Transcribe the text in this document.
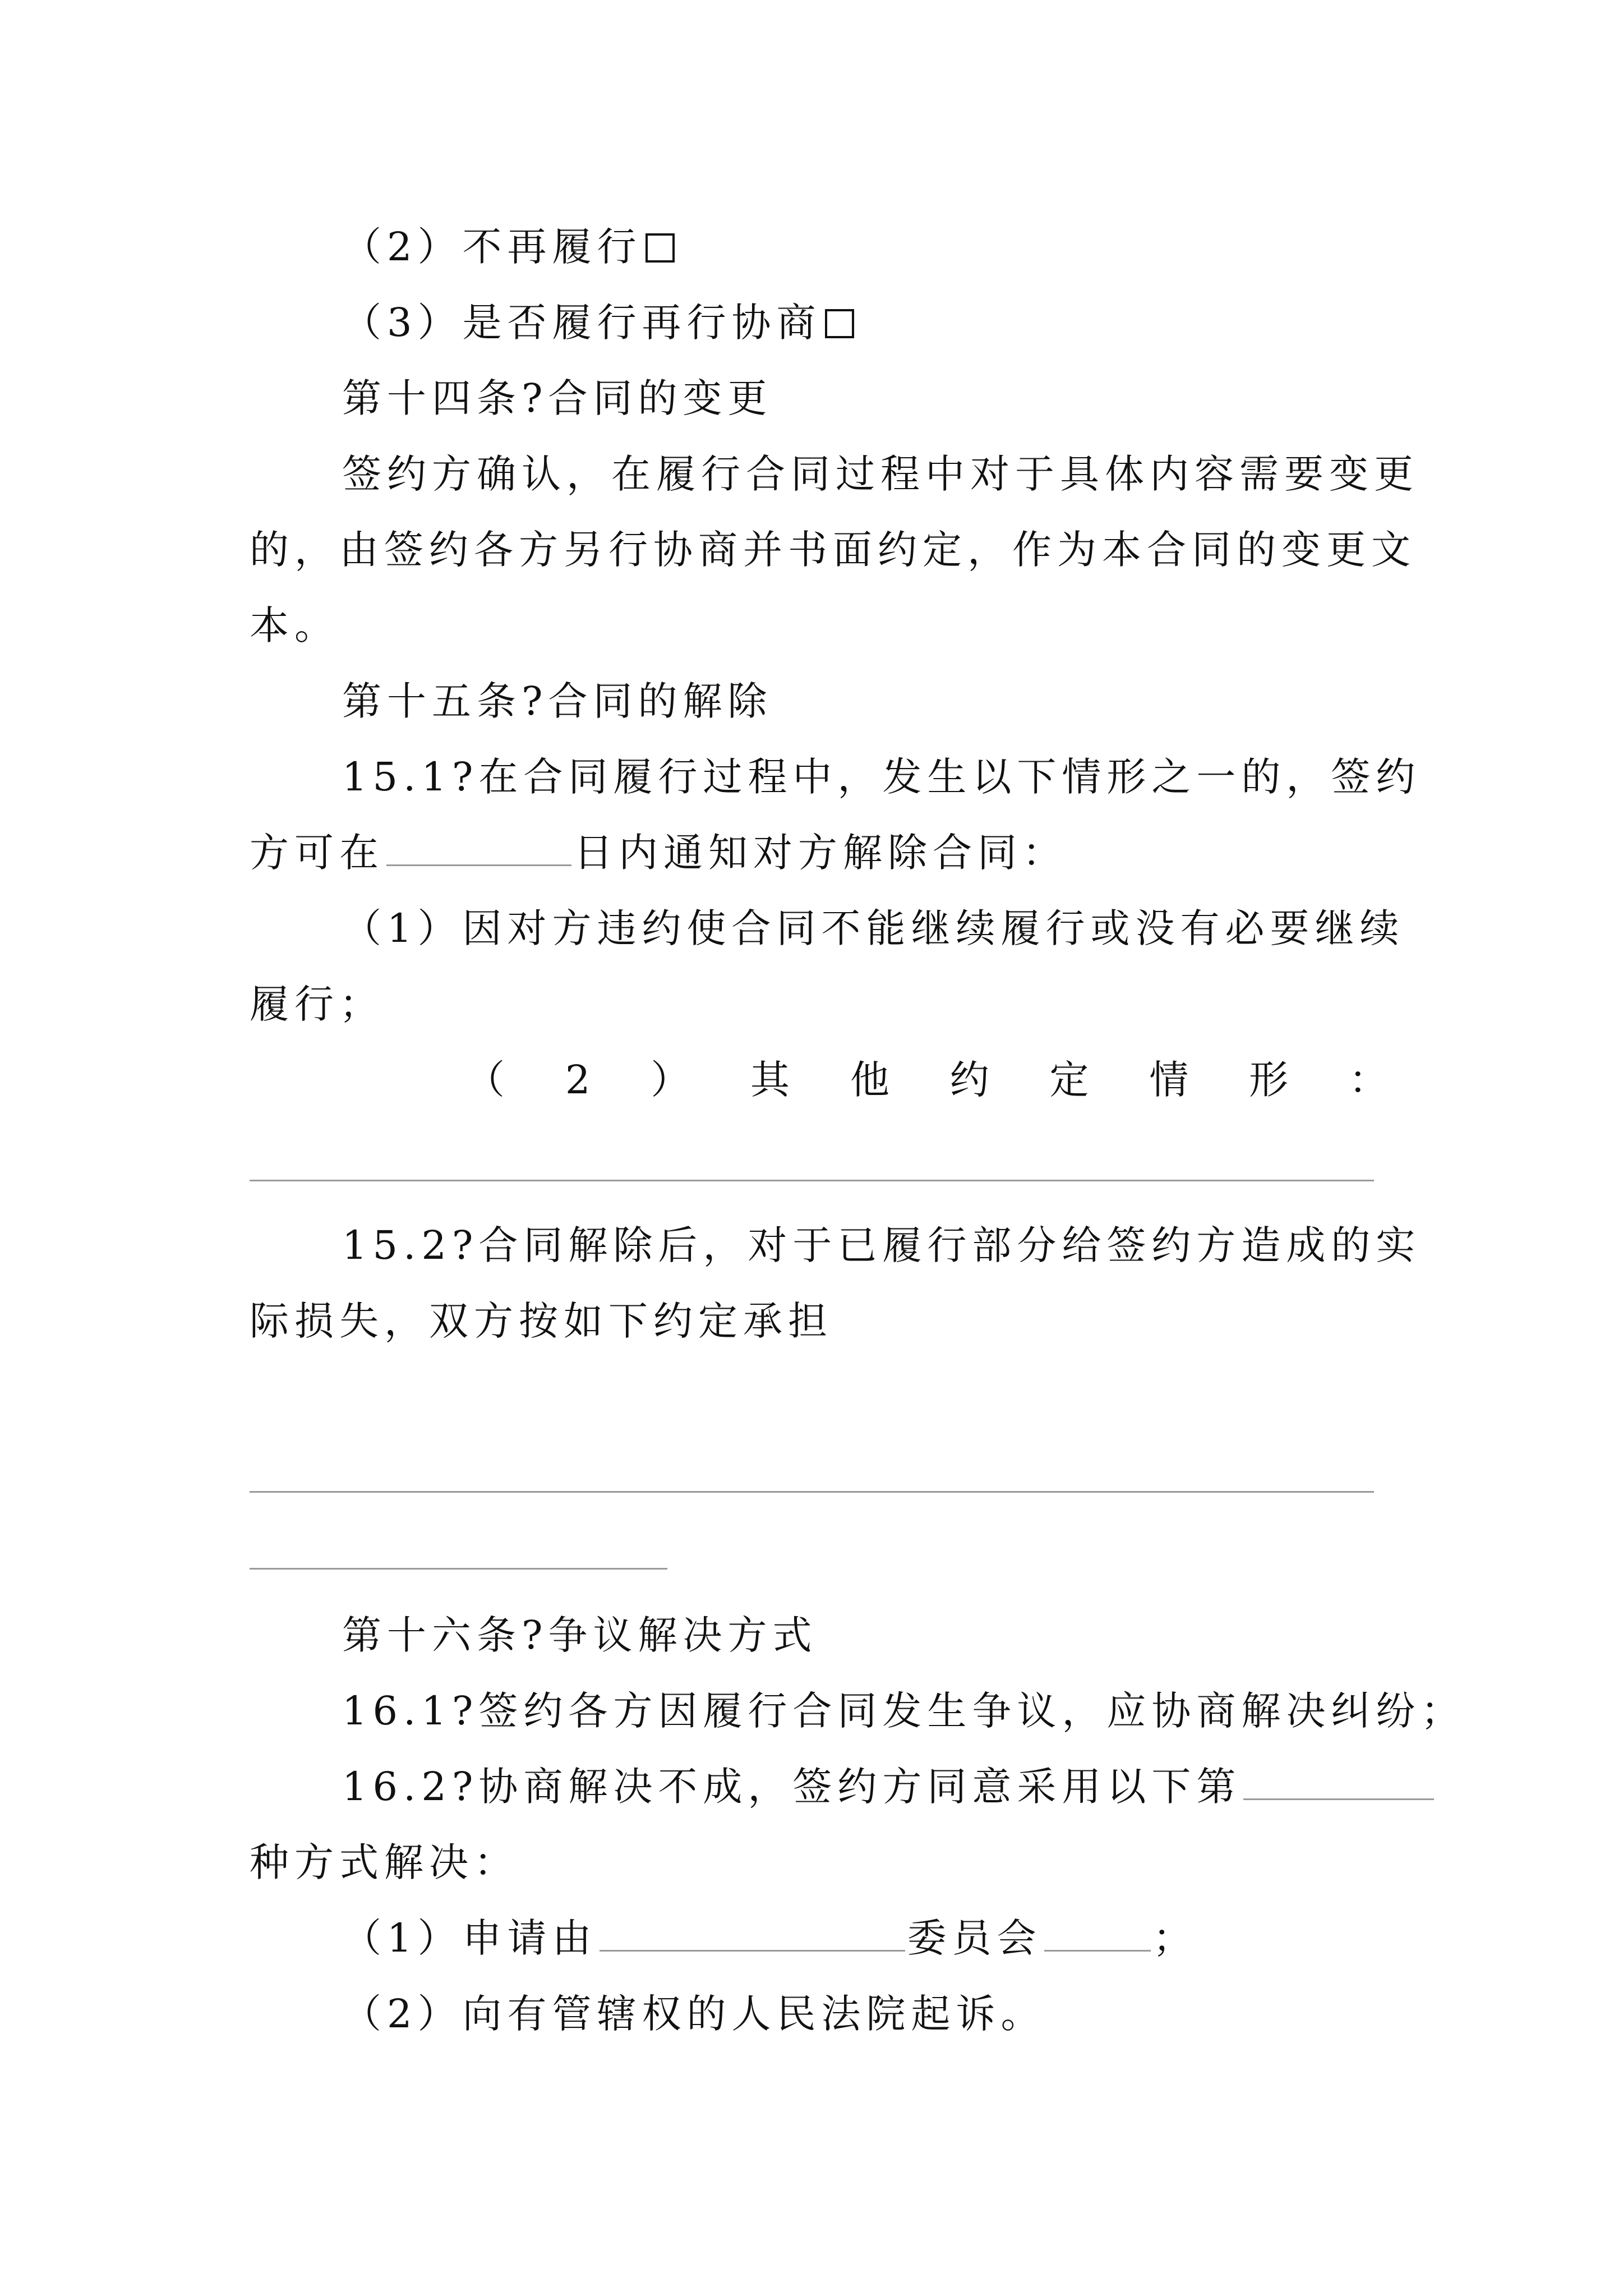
（2）不再履行
（3）是否履行再行协商
第十四条?合同的变更
签约方确认，在履行合同过程中对于具体内容需要变更
的，由签约各方另行协商并书面约定，作为本合同的变更文
本。
第十五条?合同的解除
15.1?在合同履行过程中，发生以下情形之一的，签约
方可在	日内通知对方解除合同：
（1）因对方违约使合同不能继续履行或没有必要继续
履行；
（ 2 ） 其 他 约 定 情 形 ：
15.2?合同解除后，对于已履行部分给签约方造成的实
际损失，双方按如下约定承担
第十六条?争议解决方式
16.1?签约各方因履行合同发生争议，应协商解决纠纷；
16.2?协商解决不成，签约方同意采用以下第
种方式解决：
（1）申请由	委员会	；
（2）向有管辖权的人民法院起诉。
